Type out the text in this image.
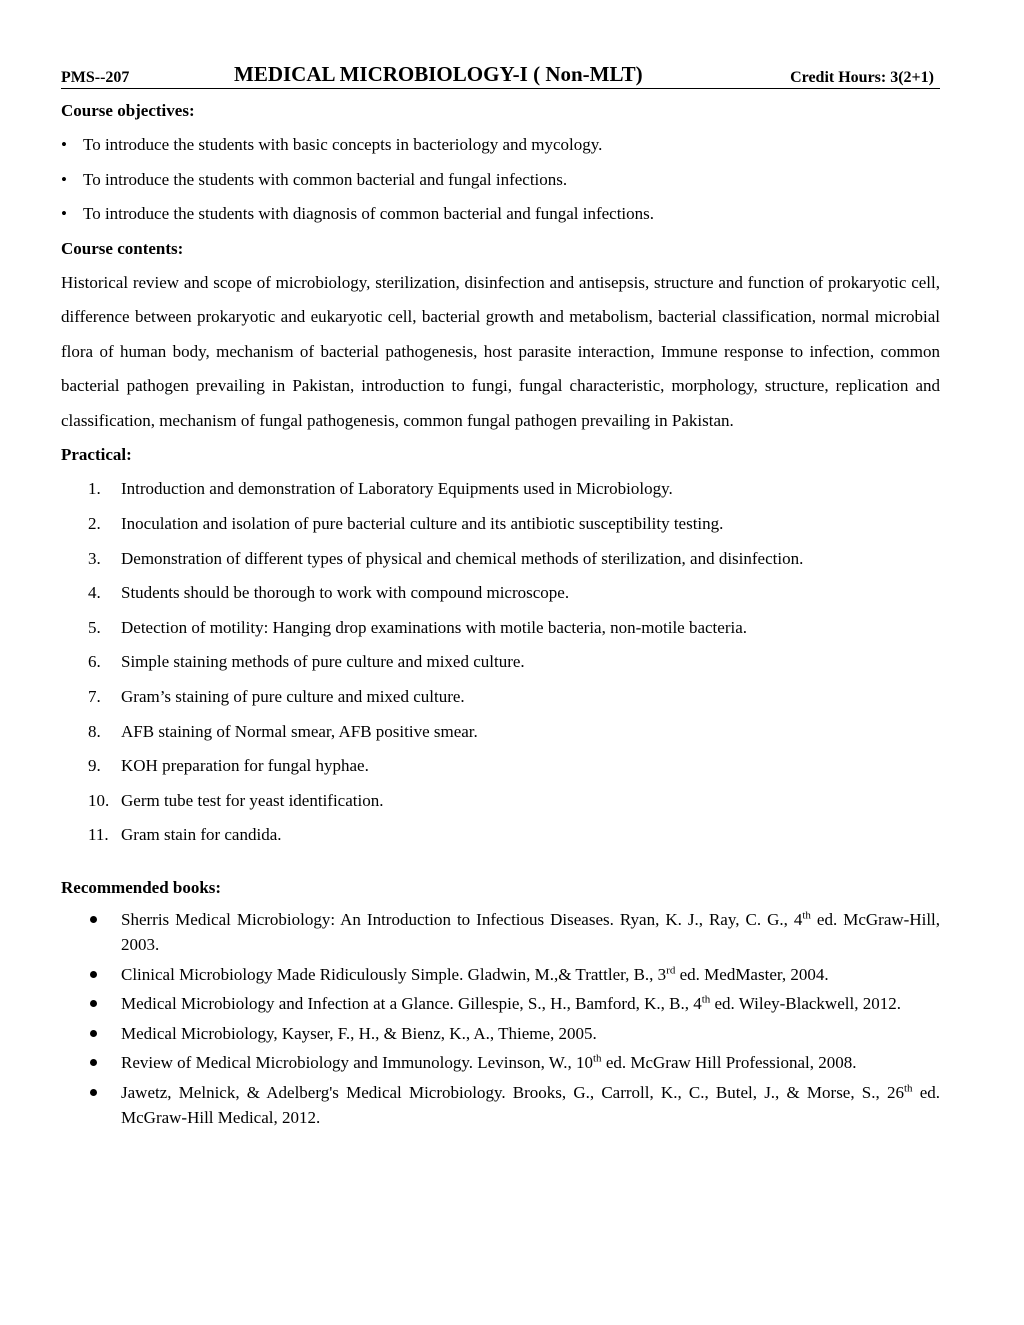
PMS--207	MEDICAL MICROBIOLOGY-I ( Non-MLT)	Credit Hours: 3(2+1)

Course objectives:

• To introduce the students with basic concepts in bacteriology and mycology.
• To introduce the students with common bacterial and fungal infections.
• To introduce the students with diagnosis of common bacterial and fungal infections.

Course contents:

Historical review and scope of microbiology, sterilization, disinfection and antisepsis, structure and function of prokaryotic cell, difference between prokaryotic and eukaryotic cell, bacterial growth and metabolism, bacterial classification, normal microbial flora of human body, mechanism of bacterial pathogenesis, host parasite interaction, Immune response to infection, common bacterial pathogen prevailing in Pakistan, introduction to fungi, fungal characteristic, morphology, structure, replication and classification, mechanism of fungal pathogenesis, common fungal pathogen prevailing in Pakistan.

Practical:

1.	Introduction and demonstration of Laboratory Equipments used in Microbiology.
2.	Inoculation and isolation of pure bacterial culture and its antibiotic susceptibility testing.
3.	Demonstration of different types of physical and chemical methods of sterilization, and disinfection.
4.	Students should be thorough to work with compound microscope.
5.	Detection of motility: Hanging drop examinations with motile bacteria, non-motile bacteria.
6.	Simple staining methods of pure culture and mixed culture.
7.	Gram’s staining of pure culture and mixed culture.
8.	AFB staining of Normal smear, AFB positive smear.
9.	KOH preparation for fungal hyphae.
10. Germ tube test for yeast identification.
11. Gram stain for candida.

Recommended books:

Sherris Medical Microbiology: An Introduction to Infectious Diseases. Ryan, K. J., Ray, C. G., 4th ed. McGraw-Hill, 2003.
Clinical Microbiology Made Ridiculously Simple. Gladwin, M.,& Trattler, B., 3rd ed. MedMaster, 2004.
Medical Microbiology and Infection at a Glance. Gillespie, S., H., Bamford, K., B., 4th ed. Wiley-Blackwell, 2012.
Medical Microbiology, Kayser, F., H., & Bienz, K., A., Thieme, 2005.
Review of Medical Microbiology and Immunology. Levinson, W., 10th ed. McGraw Hill Professional, 2008.
Jawetz, Melnick, & Adelberg's Medical Microbiology. Brooks, G., Carroll, K., C., Butel, J., & Morse, S., 26th ed. McGraw-Hill Medical, 2012.
